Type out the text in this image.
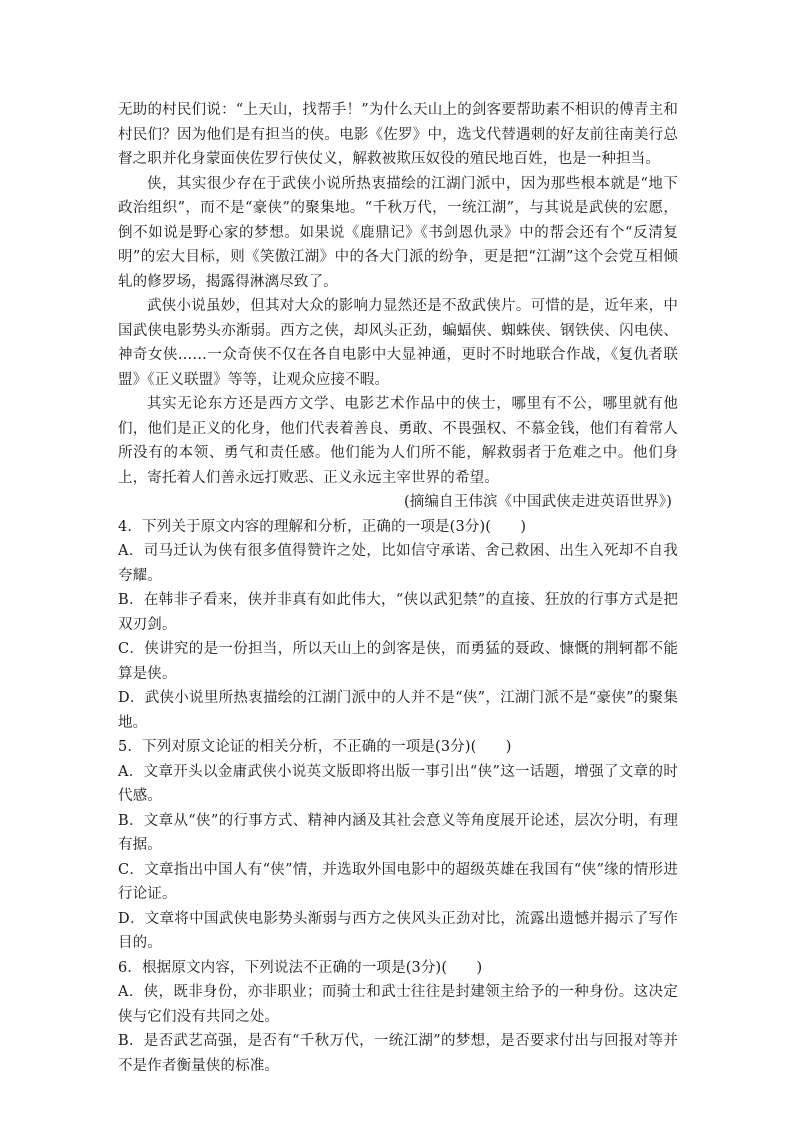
无助的村民们说：“上天山，找帮手！”为什么天山上的剑客要帮助素不相识的傅青主和村民们？因为他们是有担当的侠。电影《佐罗》中，选戈代替遇刺的好友前往南美行总督之职并化身蒙面侠佐罗行侠仗义，解救被欺压奴役的殖民地百姓，也是一种担当。

侠，其实很少存在于武侠小说所热衷描绘的江湖门派中，因为那些根本就是“地下政治组织”，而不是“豪侠”的聚集地。“千秋万代，一统江湖”，与其说是武侠的宏愿，倒不如说是野心家的梦想。如果说《鹿鼎记》《书剑恩仇录》中的帮会还有个“反清复明”的宏大目标，则《笑傲江湖》中的各大门派的纷争，更是把“江湖”这个会党互相倾轧的修罗场，揭露得淋漓尽致了。

武侠小说虽妙，但其对大众的影响力显然还是不敌武侠片。可惜的是，近年来，中国武侠电影势头亦渐弱。西方之侠，却风头正劲，蝙蝠侠、蜘蛛侠、钢铁侠、闪电侠、神奇女侠……一众奇侠不仅在各自电影中大显神通，更时不时地联合作战，《复仇者联盟》《正义联盟》等等，让观众应接不暇。

其实无论东方还是西方文学、电影艺术作品中的侠士，哪里有不公，哪里就有他们，他们是正义的化身，他们代表着善良、勇敢、不畏强权、不慕金钱，他们有着常人所没有的本领、勇气和责任感。他们能为人们所不能，解救弱者于危难之中。他们身上，寄托着人们善永远打败恶、正义永远主宰世界的希望。

(摘编自王伟滨《中国武侠走进英语世界》)

4．下列关于原文内容的理解和分析，正确的一项是(3分)(　　)

A．司马迁认为侠有很多值得赞许之处，比如信守承诺、舍己救困、出生入死却不自我夸耀。

B．在韩非子看来，侠并非真有如此伟大，“侠以武犯禁”的直接、狂放的行事方式是把双刃剑。

C．侠讲究的是一份担当，所以天山上的剑客是侠，而勇猛的聂政、慷慨的荆轲都不能算是侠。

D．武侠小说里所热衷描绘的江湖门派中的人并不是“侠”，江湖门派不是“豪侠”的聚集地。

5．下列对原文论证的相关分析，不正确的一项是(3分)(　　)

A．文章开头以金庸武侠小说英文版即将出版一事引出“侠”这一话题，增强了文章的时代感。

B．文章从“侠”的行事方式、精神内涵及其社会意义等角度展开论述，层次分明，有理有据。

C．文章指出中国人有“侠”情，并选取外国电影中的超级英雄在我国有“侠”缘的情形进行论证。

D．文章将中国武侠电影势头渐弱与西方之侠风头正劲对比，流露出遗憾并揭示了写作目的。

6．根据原文内容，下列说法不正确的一项是(3分)(　　)

A．侠，既非身份，亦非职业；而骑士和武士往往是封建领主给予的一种身份。这决定侠与它们没有共同之处。

B．是否武艺高强，是否有“千秋万代，一统江湖”的梦想，是否要求付出与回报对等并不是作者衡量侠的标准。
